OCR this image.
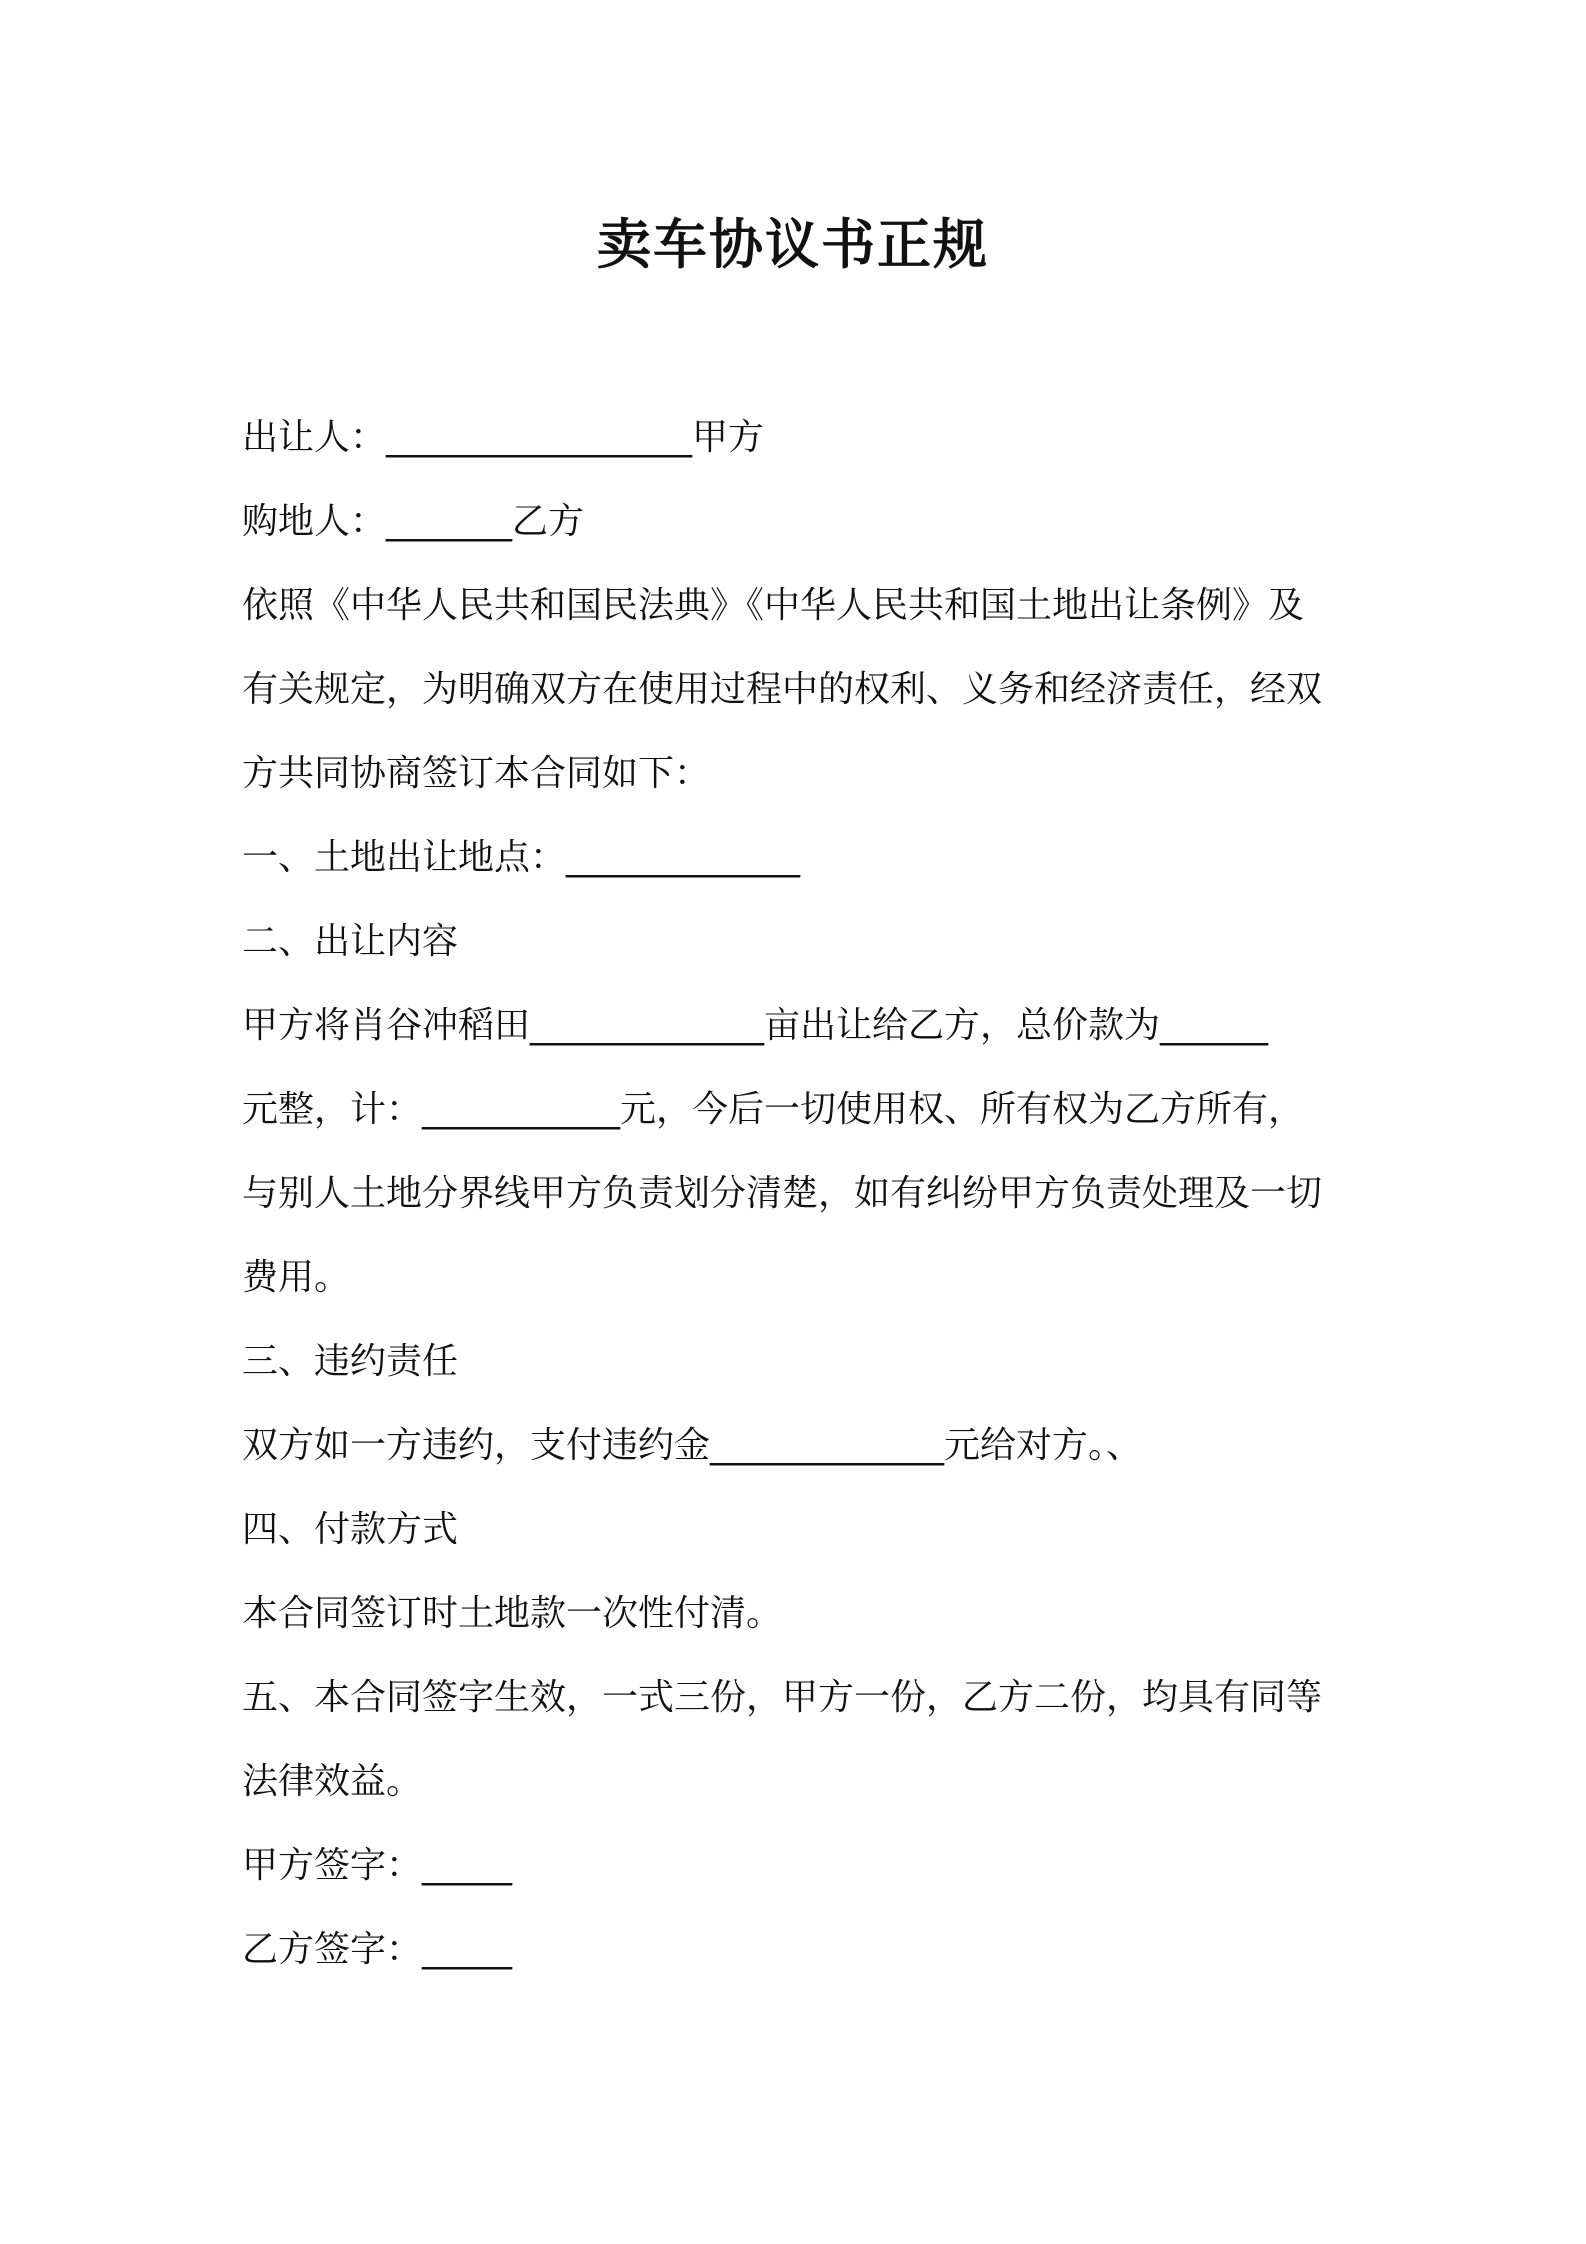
卖车协议书正规
出让人：_________________甲方
购地人：_______乙方
依照《中华人民共和国民法典》《中华人民共和国土地出让条例》及
有关规定，为明确双方在使用过程中的权利、义务和经济责任，经双
方共同协商签订本合同如下：
一、土地出让地点：_____________
二、出让内容
甲方将肖谷冲稻田_____________亩出让给乙方，总价款为______
元整，计：___________元，今后一切使用权、所有权为乙方所有，
与别人土地分界线甲方负责划分清楚，如有纠纷甲方负责处理及一切
费用。
三、违约责任
双方如一方违约，支付违约金_____________元给对方。、
四、付款方式
本合同签订时土地款一次性付清。
五、本合同签字生效，一式三份，甲方一份，乙方二份，均具有同等
法律效益。
甲方签字：_____
乙方签字：_____
